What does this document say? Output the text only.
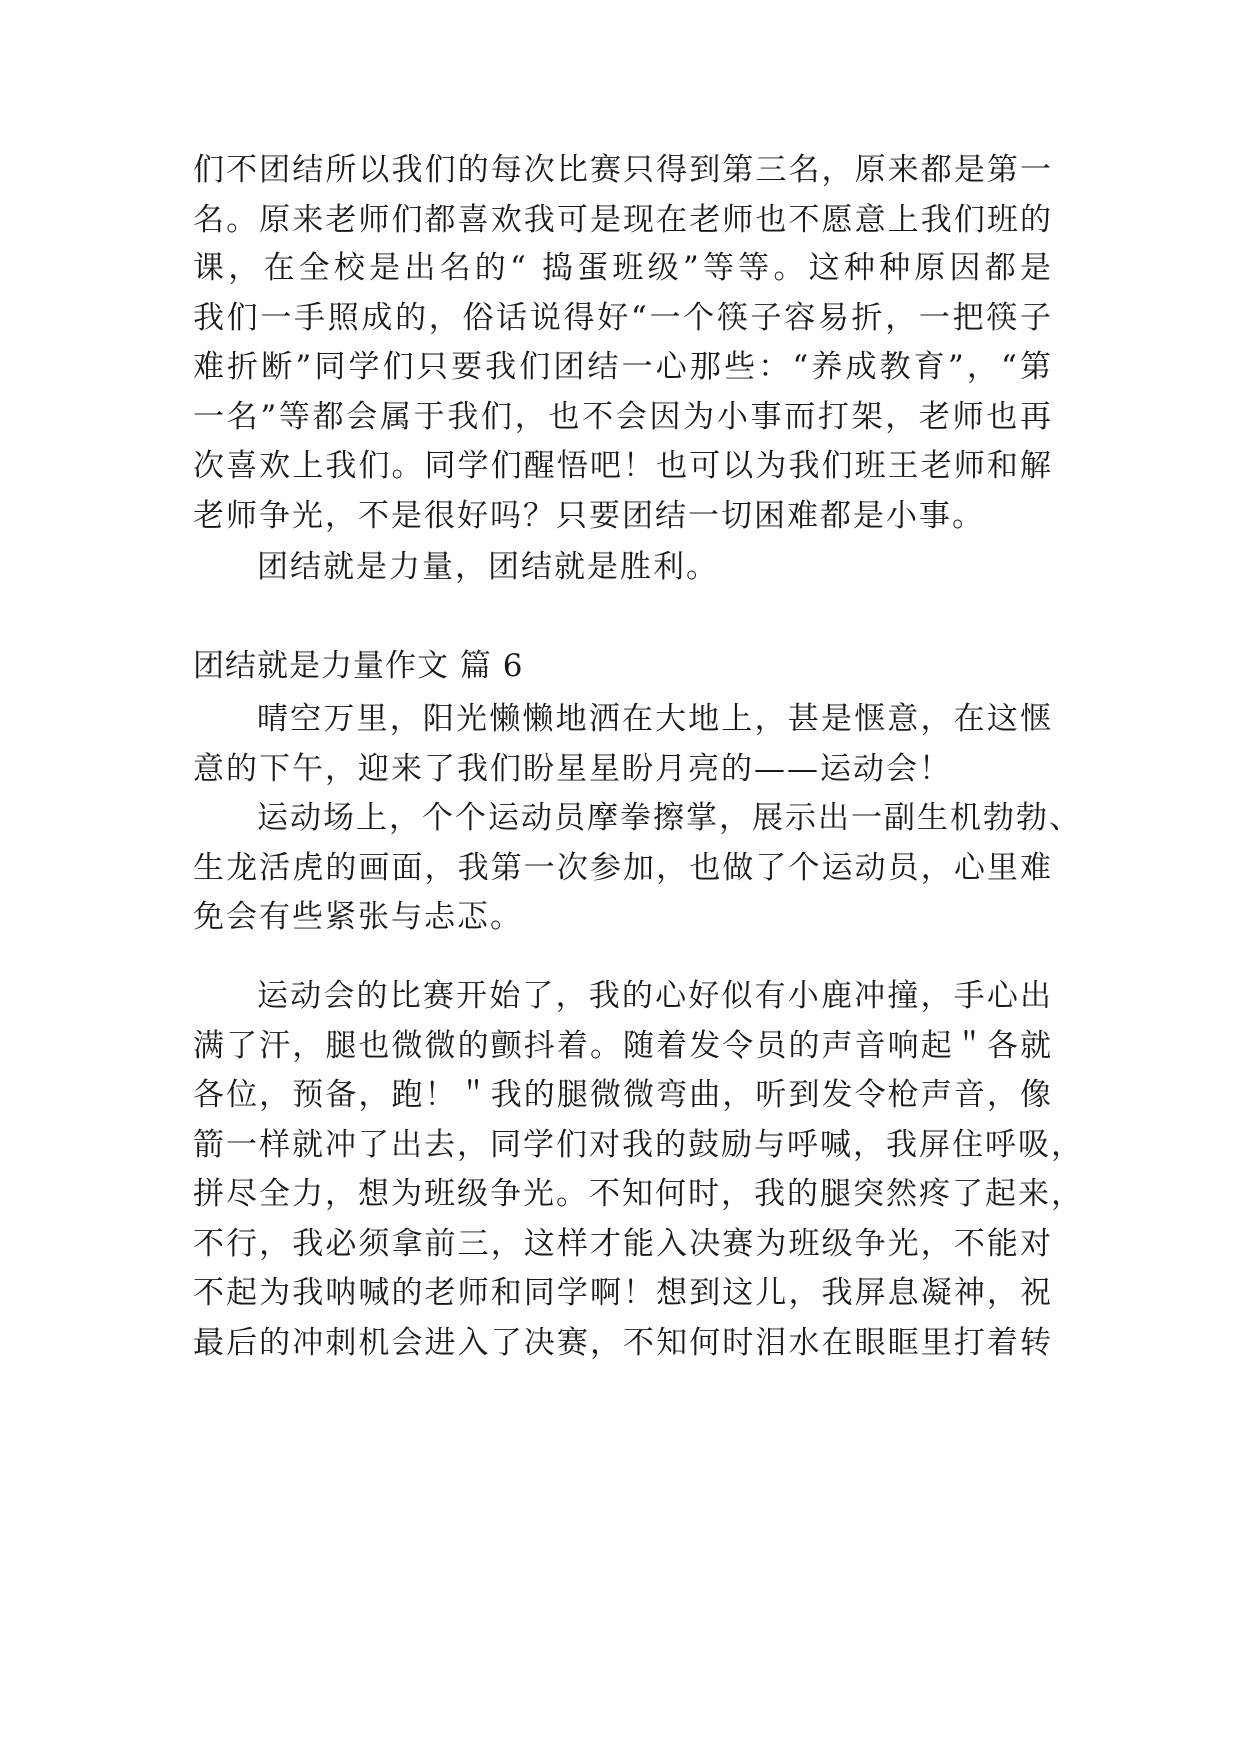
们不团结所以我们的每次比赛只得到第三名，原来都是第一
名。原来老师们都喜欢我可是现在老师也不愿意上我们班的
课，在全校是出名的“ 捣蛋班级”等等。这种种原因都是
我们一手照成的，俗话说得好“一个筷子容易折，一把筷子
难折断”同学们只要我们团结一心那些：“养成教育”，“第
一名”等都会属于我们，也不会因为小事而打架，老师也再
次喜欢上我们。同学们醒悟吧！也可以为我们班王老师和解
老师争光，不是很好吗？只要团结一切困难都是小事。
团结就是力量，团结就是胜利。
团结就是力量作文 篇 6
晴空万里，阳光懒懒地洒在大地上，甚是惬意，在这惬
意的下午，迎来了我们盼星星盼月亮的——运动会！
运动场上，个个运动员摩拳擦掌，展示出一副生机勃勃、
生龙活虎的画面，我第一次参加，也做了个运动员，心里难
免会有些紧张与忐忑。
运动会的比赛开始了，我的心好似有小鹿冲撞，手心出
满了汗，腿也微微的颤抖着。随着发令员的声音响起＂各就
各位，预备，跑！＂我的腿微微弯曲，听到发令枪声音，像
箭一样就冲了出去，同学们对我的鼓励与呼喊，我屏住呼吸，
拼尽全力，想为班级争光。不知何时，我的腿突然疼了起来，
不行，我必须拿前三，这样才能入决赛为班级争光，不能对
不起为我呐喊的老师和同学啊！想到这儿，我屏息凝神，祝
最后的冲刺机会进入了决赛，不知何时泪水在眼眶里打着转
